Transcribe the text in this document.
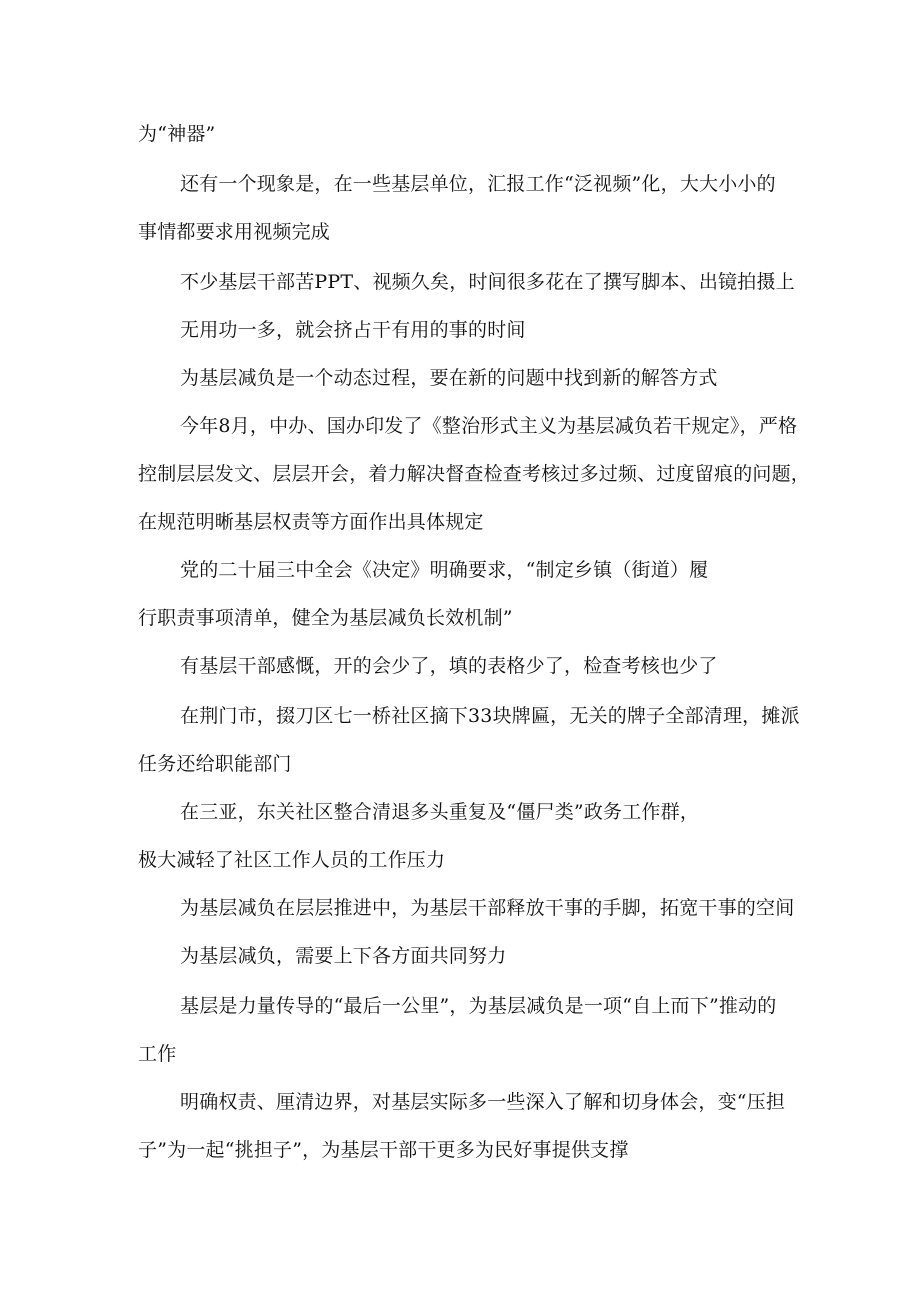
为“神器”
还有一个现象是，在一些基层单位，汇报工作“泛视频”化，大大小小的
事情都要求用视频完成
不少基层干部苦PPT、视频久矣，时间很多花在了撰写脚本、出镜拍摄上
无用功一多，就会挤占干有用的事的时间
为基层减负是一个动态过程，要在新的问题中找到新的解答方式
今年8月，中办、国办印发了《整治形式主义为基层减负若干规定》，严格
控制层层发文、层层开会，着力解决督查检查考核过多过频、过度留痕的问题，
在规范明晰基层权责等方面作出具体规定
党的二十届三中全会《决定》明确要求，“制定乡镇（街道）履
行职责事项清单，健全为基层减负长效机制”
有基层干部感慨，开的会少了，填的表格少了，检查考核也少了
在荆门市，掇刀区七一桥社区摘下33块牌匾，无关的牌子全部清理，摊派
任务还给职能部门
在三亚，东关社区整合清退多头重复及“僵尸类”政务工作群，
极大减轻了社区工作人员的工作压力
为基层减负在层层推进中，为基层干部释放干事的手脚，拓宽干事的空间
为基层减负，需要上下各方面共同努力
基层是力量传导的“最后一公里”，为基层减负是一项“自上而下”推动的
工作
明确权责、厘清边界，对基层实际多一些深入了解和切身体会，变“压担
子”为一起“挑担子”，为基层干部干更多为民好事提供支撑
